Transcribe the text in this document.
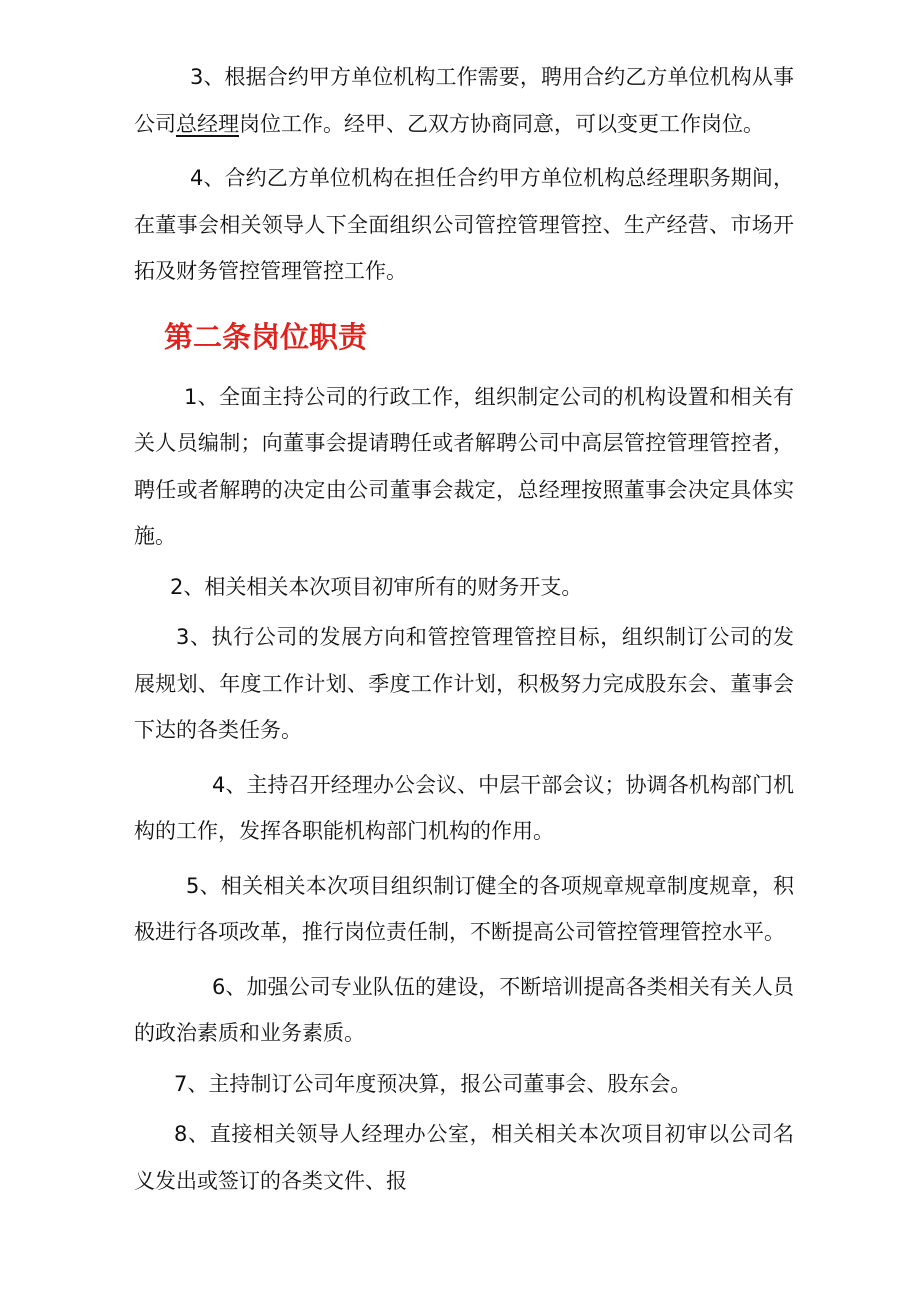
3、根据合约甲方单位机构工作需要，聘用合约乙方单位机构从事公司总经理岗位工作。经甲、乙双方协商同意，可以变更工作岗位。

4、合约乙方单位机构在担任合约甲方单位机构总经理职务期间，在董事会相关领导人下全面组织公司管控管理管控、生产经营、市场开拓及财务管控管理管控工作。

第二条岗位职责

1、全面主持公司的行政工作，组织制定公司的机构设置和相关有关人员编制；向董事会提请聘任或者解聘公司中高层管控管理管控者，聘任或者解聘的决定由公司董事会裁定，总经理按照董事会决定具体实施。

2、相关相关本次项目初审所有的财务开支。

3、执行公司的发展方向和管控管理管控目标，组织制订公司的发展规划、年度工作计划、季度工作计划，积极努力完成股东会、董事会下达的各类任务。

4、主持召开经理办公会议、中层干部会议；协调各机构部门机构的工作，发挥各职能机构部门机构的作用。

5、相关相关本次项目组织制订健全的各项规章规章制度规章，积极进行各项改革，推行岗位责任制，不断提高公司管控管理管控水平。

6、加强公司专业队伍的建设，不断培训提高各类相关有关人员的政治素质和业务素质。

7、主持制订公司年度预决算，报公司董事会、股东会。

8、直接相关领导人经理办公室，相关相关本次项目初审以公司名义发出或签订的各类文件、报
